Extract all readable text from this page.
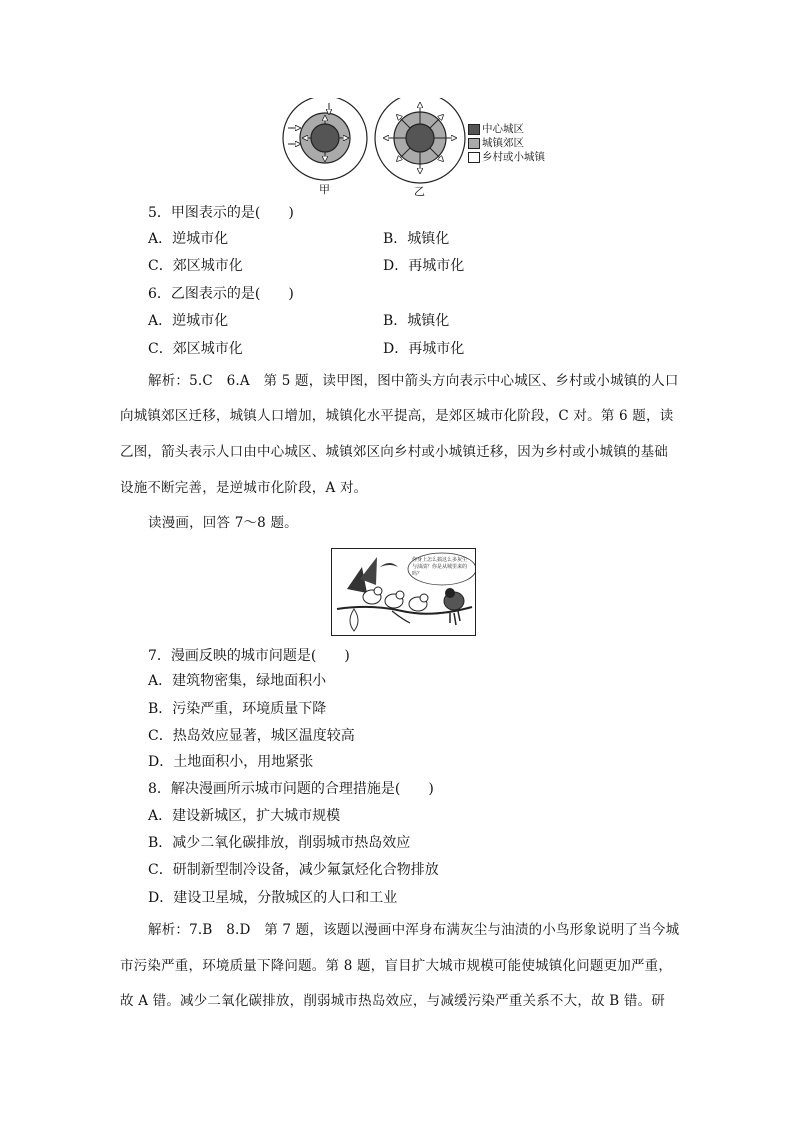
甲	乙
中心城区
城镇郊区
乡村或小城镇
5．甲图表示的是(　　)
A．逆城市化	B．城镇化
C．郊区城市化	D．再城市化
6．乙图表示的是(　　)
A．逆城市化	B．城镇化
C．郊区城市化	D．再城市化
解析：5.C　6.A　第 5 题，读甲图，图中箭头方向表示中心城区、乡村或小城镇的人口
向城镇郊区迁移，城镇人口增加，城镇化水平提高，是郊区城市化阶段，C 对。第 6 题，读
乙图，箭头表示人口由中心城区、城镇郊区向乡村或小城镇迁移，因为乡村或小城镇的基础
设施不断完善，是逆城市化阶段，A 对。
读漫画，回答 7～8 题。
你身上怎么搞这么多灰尘与油渍？你是从城里来的吗？
7．漫画反映的城市问题是(　　)
A．建筑物密集，绿地面积小
B．污染严重，环境质量下降
C．热岛效应显著，城区温度较高
D．土地面积小，用地紧张
8．解决漫画所示城市问题的合理措施是(　　)
A．建设新城区，扩大城市规模
B．减少二氧化碳排放，削弱城市热岛效应
C．研制新型制冷设备，减少氟氯烃化合物排放
D．建设卫星城，分散城区的人口和工业
解析：7.B　8.D　第 7 题，该题以漫画中浑身布满灰尘与油渍的小鸟形象说明了当今城
市污染严重，环境质量下降问题。第 8 题，盲目扩大城市规模可能使城镇化问题更加严重，
故 A 错。减少二氧化碳排放，削弱城市热岛效应，与减缓污染严重关系不大，故 B 错。研
